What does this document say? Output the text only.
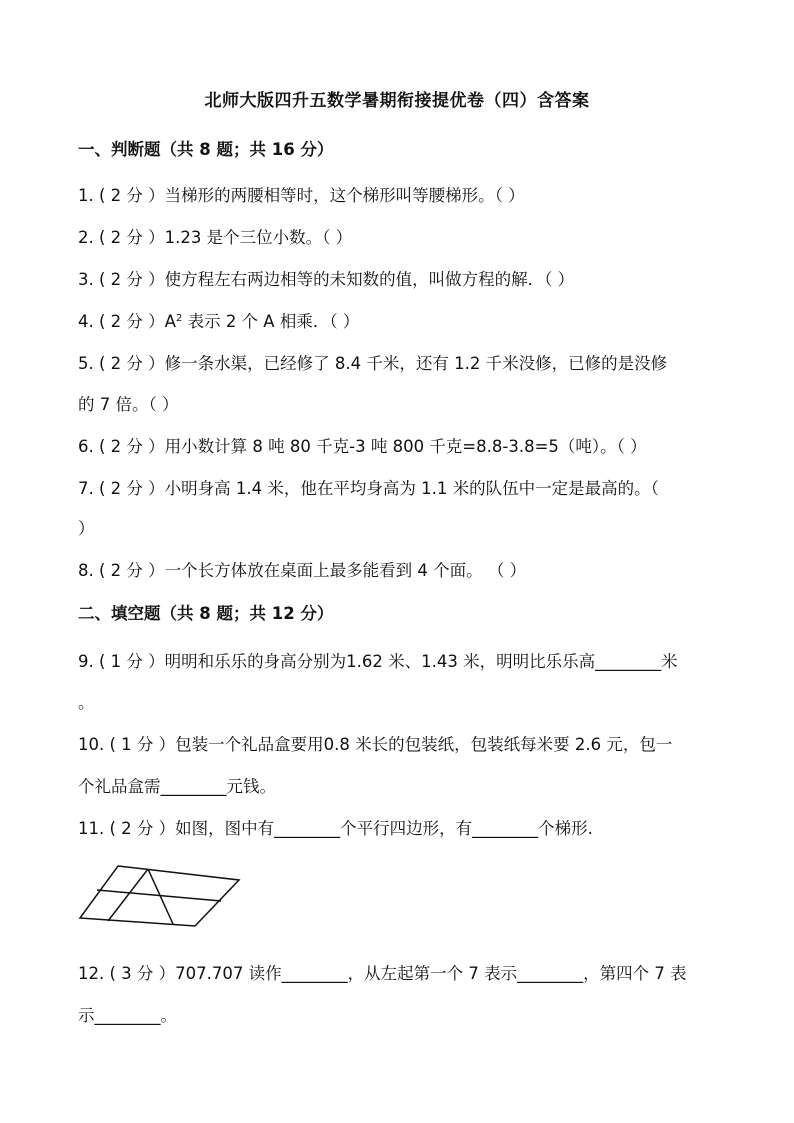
北师大版四升五数学暑期衔接提优卷（四）含答案
一、判断题（共 8 题；共 16 分）
1. ( 2 分 ）当梯形的两腰相等时，这个梯形叫等腰梯形。（ ）
2. ( 2 分 ）1.23 是个三位小数。（ ）
3. ( 2 分 ）使方程左右两边相等的未知数的值，叫做方程的解．（ ）
4. ( 2 分 ）$A^2$ 表示 2 个 A 相乘．（ ）
5. ( 2 分 ）修一条水渠，已经修了 8.4 千米，还有 1.2 千米没修，已修的是没修
的 7 倍。（ ）
6. ( 2 分 ）用小数计算 8 吨 80 千克-3 吨 800 千克=8.8-3.8=5（吨）。（ ）
7. ( 2 分 ）小明身高 1.4 米，他在平均身高为 1.1 米的队伍中一定是最高的。（
）
8. ( 2 分 ）一个长方体放在桌面上最多能看到 4 个面。 （ ）
二、填空题（共 8 题；共 12 分）
9. ( 1 分 ）明明和乐乐的身高分别为1.62 米、1.43 米，明明比乐乐高________米
。
10. ( 1 分 ）包装一个礼品盒要用0.8 米长的包装纸，包装纸每米要 2.6 元，包一
个礼品盒需________元钱。
11. ( 2 分 ）如图，图中有________个平行四边形，有________个梯形.
12. ( 3 分 ）707.707 读作________，从左起第一个 7 表示________，第四个 7 表
示________。
